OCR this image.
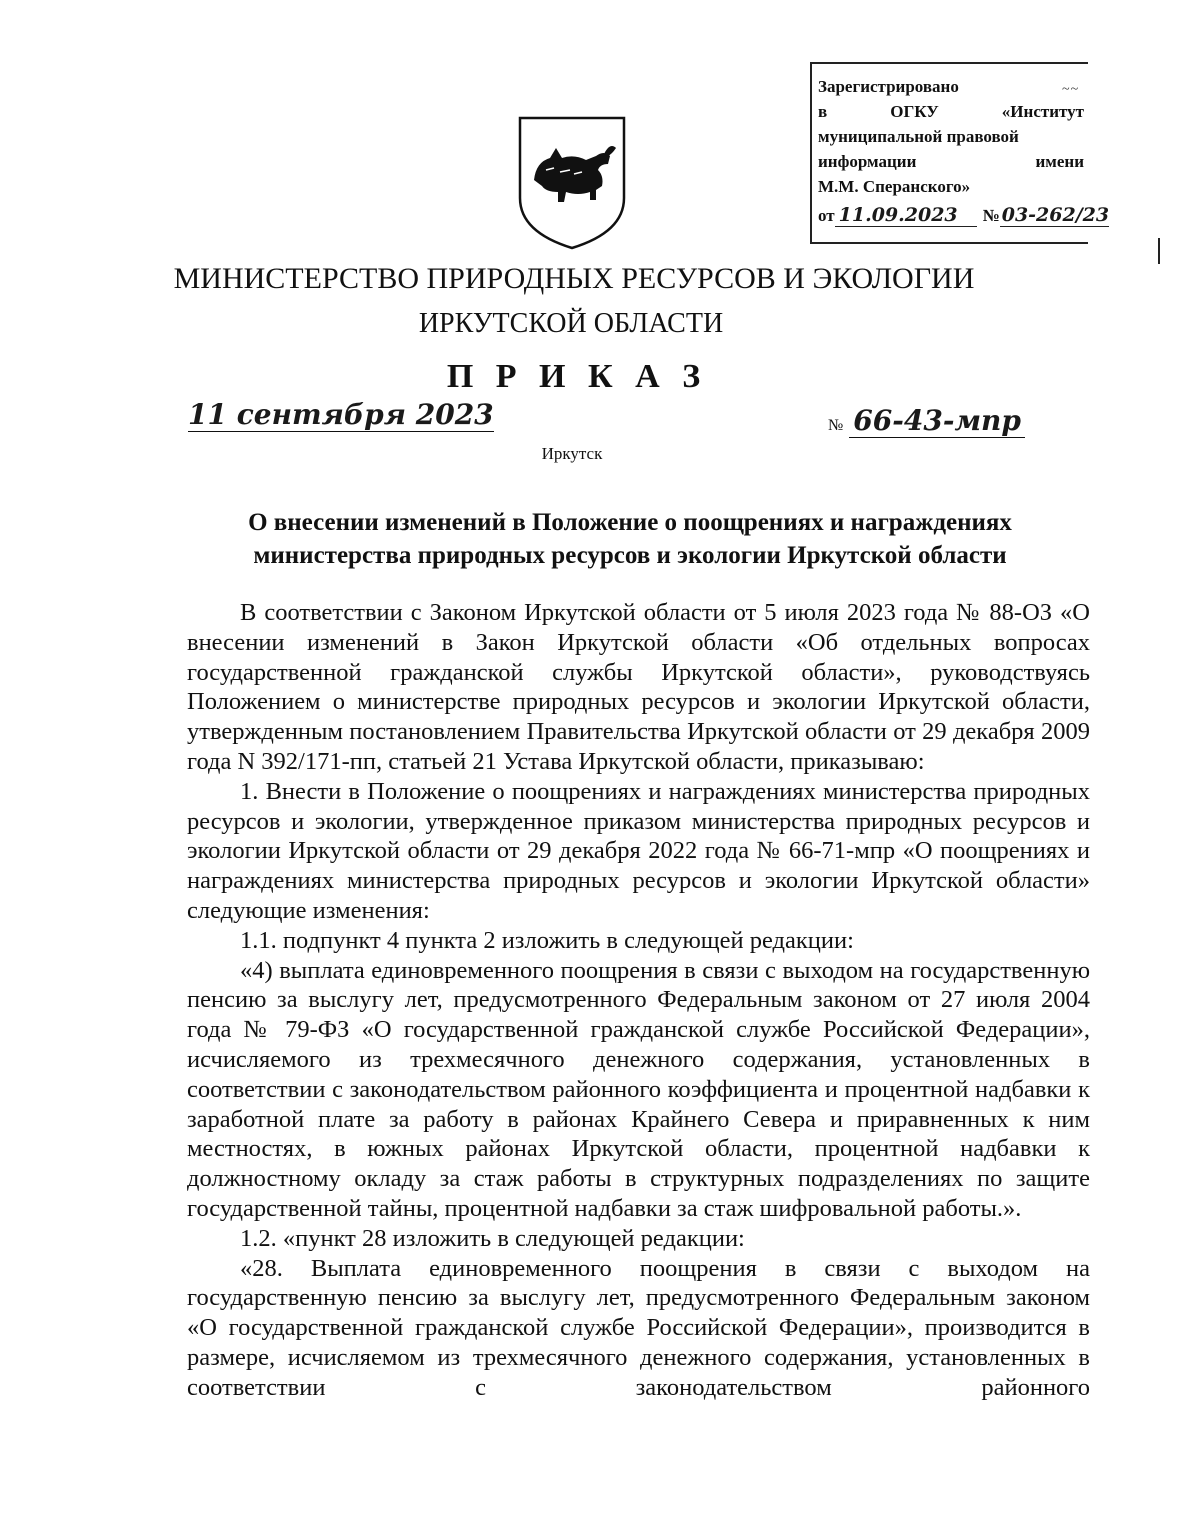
Зарегистрировано
в	ОГКУ	«Институт
муниципальной правовой
информации	имени
М.М. Сперанского»
от 11.09.2023 № 03-262/23
~~
МИНИСТЕРСТВО ПРИРОДНЫХ РЕСУРСОВ И ЭКОЛОГИИ
ИРКУТСКОЙ ОБЛАСТИ
П Р И К А З
11 сентября 2023	№ 66-43-мпр
Иркутск
О внесении изменений в Положение о поощрениях и награждениях министерства природных ресурсов и экологии Иркутской области

В соответствии с Законом Иркутской области от 5 июля 2023 года № 88-ОЗ «О внесении изменений в Закон Иркутской области «Об отдельных вопросах государственной гражданской службы Иркутской области», руководствуясь Положением о министерстве природных ресурсов и экологии Иркутской области, утвержденным постановлением Правительства Иркутской области от 29 декабря 2009 года N 392/171-пп, статьей 21 Устава Иркутской области, приказываю:

1. Внести в Положение о поощрениях и награждениях министерства природных ресурсов и экологии, утвержденное приказом министерства природных ресурсов и экологии Иркутской области от 29 декабря 2022 года № 66-71-мпр «О поощрениях и награждениях министерства природных ресурсов и экологии Иркутской области» следующие изменения:

1.1. подпункт 4 пункта 2 изложить в следующей редакции:

«4) выплата единовременного поощрения в связи с выходом на государственную пенсию за выслугу лет, предусмотренного Федеральным законом от 27 июля 2004 года № 79-ФЗ «О государственной гражданской службе Российской Федерации», исчисляемого из трехмесячного денежного содержания, установленных в соответствии с законодательством районного коэффициента и процентной надбавки к заработной плате за работу в районах Крайнего Севера и приравненных к ним местностях, в южных районах Иркутской области, процентной надбавки к должностному окладу за стаж работы в структурных подразделениях по защите государственной тайны, процентной надбавки за стаж шифровальной работы.».

1.2. «пункт 28 изложить в следующей редакции:

«28. Выплата единовременного поощрения в связи с выходом на государственную пенсию за выслугу лет, предусмотренного Федеральным законом «О государственной гражданской службе Российской Федерации», производится в размере, исчисляемом из трехмесячного денежного содержания, установленных в соответствии с законодательством районного
